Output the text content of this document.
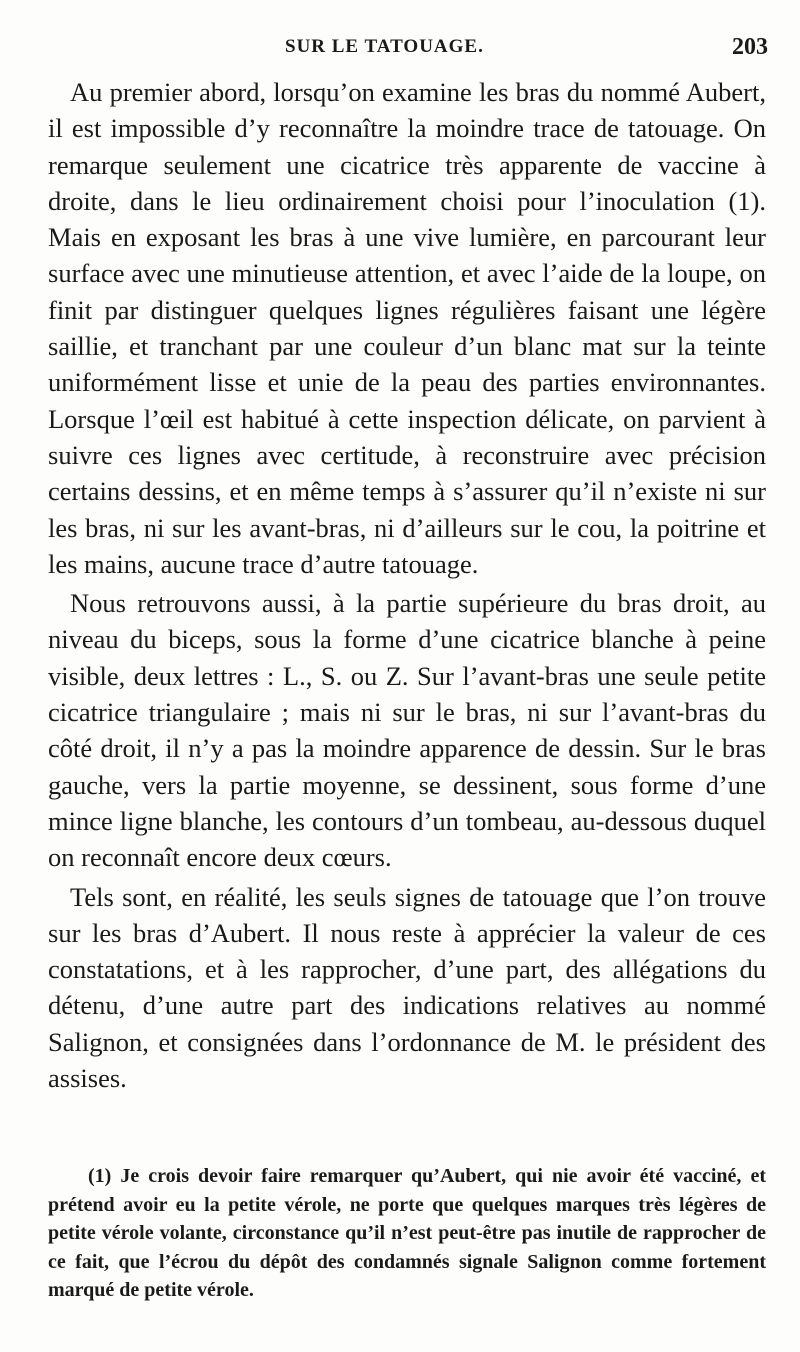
SUR LE TATOUAGE.	203

Au premier abord, lorsqu’on examine les bras du nommé Aubert, il est impossible d’y reconnaître la moindre trace de tatouage. On remarque seulement une cicatrice très apparente de vaccine à droite, dans le lieu ordinairement choisi pour l’inoculation (1). Mais en exposant les bras à une vive lumière, en parcourant leur surface avec une minutieuse attention, et avec l’aide de la loupe, on finit par distinguer quelques lignes régulières faisant une légère saillie, et tranchant par une couleur d’un blanc mat sur la teinte uniformément lisse et unie de la peau des parties environnantes. Lorsque l’œil est habitué à cette inspection délicate, on parvient à suivre ces lignes avec certitude, à reconstruire avec précision certains dessins, et en même temps à s’assurer qu’il n’existe ni sur les bras, ni sur les avant-bras, ni d’ailleurs sur le cou, la poitrine et les mains, aucune trace d’autre tatouage.

Nous retrouvons aussi, à la partie supérieure du bras droit, au niveau du biceps, sous la forme d’une cicatrice blanche à peine visible, deux lettres : L., S. ou Z. Sur l’avant-bras une seule petite cicatrice triangulaire ; mais ni sur le bras, ni sur l’avant-bras du côté droit, il n’y a pas la moindre apparence de dessin. Sur le bras gauche, vers la partie moyenne, se dessinent, sous forme d’une mince ligne blanche, les contours d’un tombeau, au-dessous duquel on reconnaît encore deux cœurs.

Tels sont, en réalité, les seuls signes de tatouage que l’on trouve sur les bras d’Aubert. Il nous reste à apprécier la valeur de ces constatations, et à les rapprocher, d’une part, des allégations du détenu, d’une autre part des indications relatives au nommé Salignon, et consignées dans l’ordonnance de M. le président des assises.

(1) Je crois devoir faire remarquer qu’Aubert, qui nie avoir été vacciné, et prétend avoir eu la petite vérole, ne porte que quelques marques très légères de petite vérole volante, circonstance qu’il n’est peut-être pas inutile de rapprocher de ce fait, que l’écrou du dépôt des condamnés signale Salignon comme fortement marqué de petite vérole.
